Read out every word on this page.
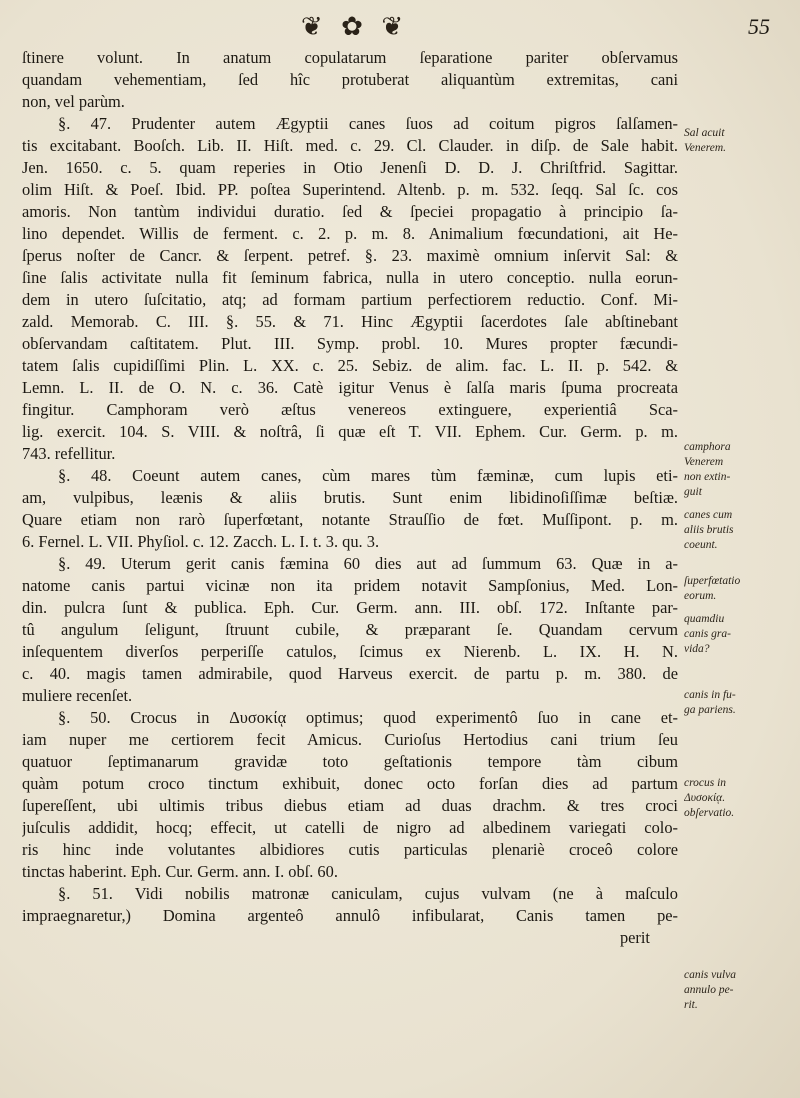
❦ ✿ ❦	55
ſtinere volunt. In anatum copulatarum ſeparatione pariter obſervamus
quandam vehementiam, ſed hîc protuberat aliquantùm extremitas, cani
non, vel parùm.
§. 47. Prudenter autem Ægyptii canes ſuos ad coitum pigros ſalſamen-
tis excitabant. Booſch. Lib. II. Hiſt. med. c. 29. Cl. Clauder. in diſp. de Sale habit.
Jen. 1650. c. 5. quam reperies in Otio Jenenſi D. D. J. Chriſtfrid. Sagittar.
olim Hiſt. & Poeſ. Ibid. PP. poſtea Superintend. Altenb. p. m. 532. ſeqq. Sal ſc. cos
amoris. Non tantùm individui duratio. ſed & ſpeciei propagatio à principio ſa-
lino dependet. Willis de ferment. c. 2. p. m. 8. Animalium fœcundationi, ait He-
ſperus noſter de Cancr. & ſerpent. petref. §. 23. maximè omnium inſervit Sal: &
ſine ſalis activitate nulla fit ſeminum fabrica, nulla in utero conceptio. nulla eorun-
dem in utero ſuſcitatio, atq; ad formam partium perfectiorem reductio. Conf. Mi-
zald. Memorab. C. III. §. 55. & 71. Hinc Ægyptii ſacerdotes ſale abſtinebant
obſervandam caſtitatem. Plut. III. Symp. probl. 10. Mures propter fæcundi-
tatem ſalis cupidiſſimi Plin. L. XX. c. 25. Sebiz. de alim. fac. L. II. p. 542. &
Lemn. L. II. de O. N. c. 36. Catè igitur Venus è ſalſa maris ſpuma procreata
fingitur. Camphoram verò æſtus venereos extinguere, experientiâ Sca-
lig. exercit. 104. S. VIII. & noſtrâ, ſi quæ eſt T. VII. Ephem. Cur. Germ. p. m.
743. refellitur.
§. 48. Coeunt autem canes, cùm mares tùm fæminæ, cum lupis eti-
am, vulpibus, leænis & aliis brutis. Sunt enim libidinoſiſſimæ beſtiæ.
Quare etiam non rarò ſuperfœtant, notante Strauſſio de fœt. Muſſipont. p. m.
6. Fernel. L. VII. Phyſiol. c. 12. Zacch. L. I. t. 3. qu. 3.
§. 49. Uterum gerit canis fæmina 60 dies aut ad ſummum 63. Quæ in a-
natome canis partui vicinæ non ita pridem notavit Sampſonius, Med. Lon-
din. pulcra ſunt & publica. Eph. Cur. Germ. ann. III. obſ. 172. Inſtante par-
tû angulum ſeligunt, ſtruunt cubile, & præparant ſe. Quandam cervum
inſequentem diverſos perperiſſe catulos, ſcimus ex Nierenb. L. IX. H. N.
c. 40. magis tamen admirabile, quod Harveus exercit. de partu p. m. 380. de
muliere recenſet.
§. 50. Crocus in Δυσοκίᾳ optimus; quod experimentô ſuo in cane et-
iam nuper me certiorem fecit Amicus. Curioſus Hertodius cani trium ſeu
quatuor ſeptimanarum gravidæ toto geſtationis tempore tàm cibum
quàm potum croco tinctum exhibuit, donec octo forſan dies ad partum
ſupereſſent, ubi ultimis tribus diebus etiam ad duas drachm. & tres croci
juſculis addidit, hocq; effecit, ut catelli de nigro ad albedinem variegati colo-
ris hinc inde volutantes albidiores cutis particulas plenariè croceô colore
tinctas haberint. Eph. Cur. Germ. ann. I. obſ. 60.
§. 51. Vidi nobilis matronæ caniculam, cujus vulvam (ne à maſculo
impraegnaretur,) Domina argenteô annulô infibularat, Canis tamen pe-
perit
Sal acuit
Venerem.
camphora
Venerem
non extin-
guit
canes cum
aliis brutis
coeunt.
ſuperfœtatio
eorum.
quamdiu
canis gra-
vida?
canis in fu-
ga pariens.
crocus in
Δυσοκίᾳ.
obſervatio.
canis vulva
annulo pe-
rit.
